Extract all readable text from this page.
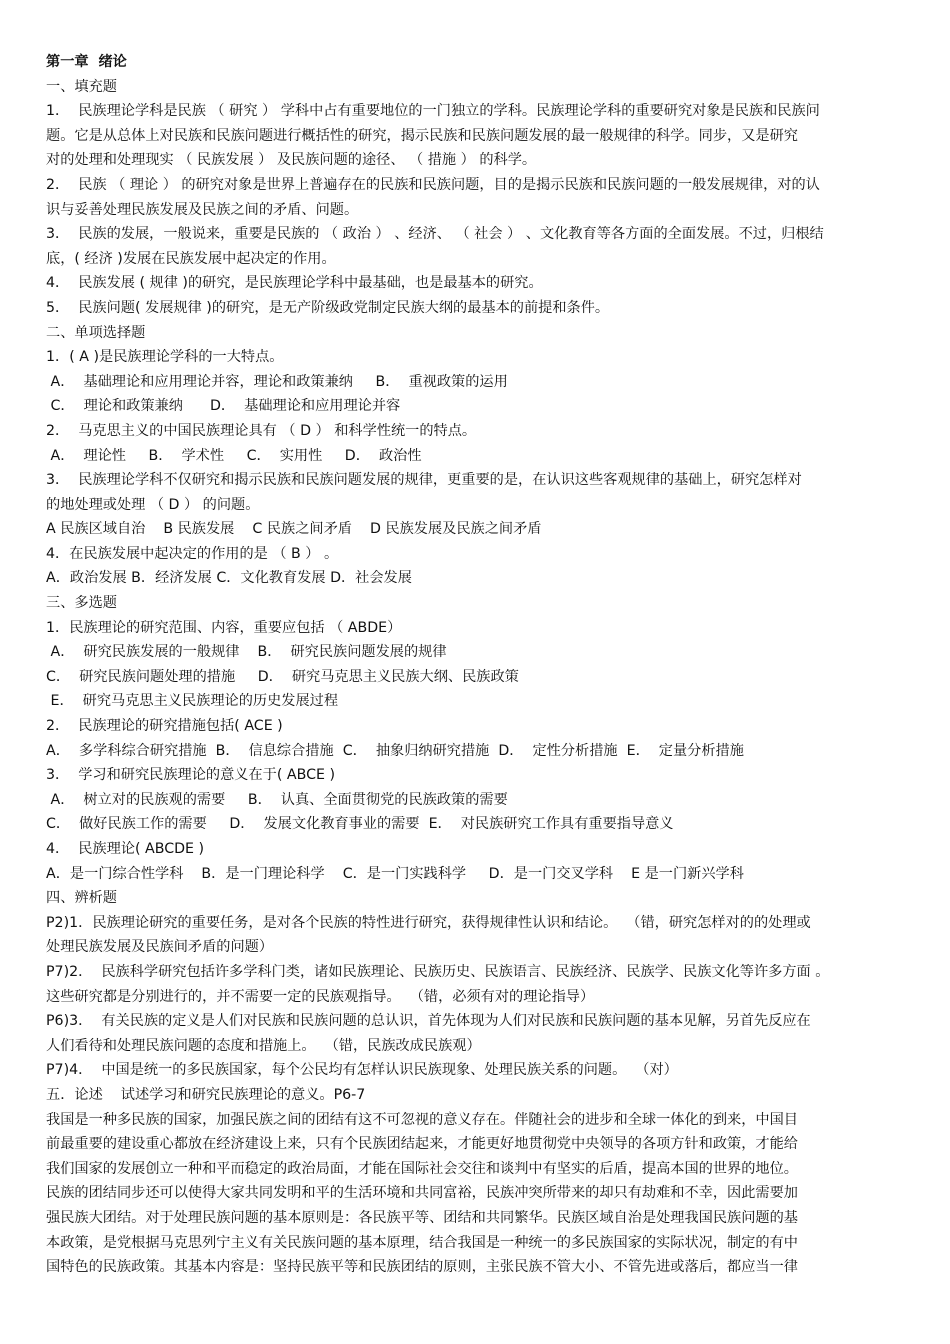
第一章  绪论
一、填充题
1．  民族理论学科是民族 （ 研究 ） 学科中占有重要地位的一门独立的学科。民族理论学科的重要研究对象是民族和民族问
题。它是从总体上对民族和民族问题进行概括性的研究，揭示民族和民族问题发展的最一般规律的科学。同步，又是研究
对的处理和处理现实 （ 民族发展 ） 及民族问题的途径、 （ 措施 ） 的科学。
2．  民族 （ 理论 ） 的研究对象是世界上普遍存在的民族和民族问题，目的是揭示民族和民族问题的一般发展规律，对的认
识与妥善处理民族发展及民族之间的矛盾、问题。
3．  民族的发展，一般说来，重要是民族的 （ 政治 ） 、经济、 （ 社会 ） 、文化教育等各方面的全面发展。不过，归根结
底，( 经济 )发展在民族发展中起决定的作用。
4．  民族发展 ( 规律 )的研究，是民族理论学科中最基础，也是最基本的研究。
5．  民族问题( 发展规律 )的研究，是无产阶级政党制定民族大纲的最基本的前提和条件。
二、单项选择题
1．( A )是民族理论学科的一大特点。
A．  基础理论和应用理论并容，理论和政策兼纳     B．  重视政策的运用
C．  理论和政策兼纳      D．  基础理论和应用理论并容
2．  马克思主义的中国民族理论具有 （ D ） 和科学性统一的特点。
A．  理论性     B．  学术性     C．  实用性     D．  政治性
3．  民族理论学科不仅研究和揭示民族和民族问题发展的规律，更重要的是，在认识这些客观规律的基础上，研究怎样对
的地处理或处理 （ D ） 的问题。
A 民族区域自治    B 民族发展    C 民族之间矛盾    D 民族发展及民族之间矛盾
4．在民族发展中起决定的作用的是 （ B ） 。
A．政治发展 B．经济发展 C．文化教育发展 D．社会发展
三、多选题
1．民族理论的研究范围、内容，重要应包括 （ ABDE）
A．  研究民族发展的一般规律    B．  研究民族问题发展的规律
C．  研究民族问题处理的措施     D．  研究马克思主义民族大纲、民族政策
E．  研究马克思主义民族理论的历史发展过程
2．  民族理论的研究措施包括( ACE )
A．  多学科综合研究措施  B．  信息综合措施  C．  抽象归纳研究措施  D．  定性分析措施  E．  定量分析措施
3．  学习和研究民族理论的意义在于( ABCE )
A．  树立对的民族观的需要     B．  认真、全面贯彻党的民族政策的需要
C．  做好民族工作的需要     D．  发展文化教育事业的需要  E．  对民族研究工作具有重要指导意义
4．  民族理论( ABCDE )
A．是一门综合性学科    B．是一门理论科学    C．是一门实践科学     D．是一门交叉学科    E 是一门新兴学科
四、辨析题
P2)1．民族理论研究的重要任务，是对各个民族的特性进行研究，获得规律性认识和结论。  （错，研究怎样对的的处理或
处理民族发展及民族间矛盾的问题）
P7)2．  民族科学研究包括许多学科门类，诸如民族理论、民族历史、民族语言、民族经济、民族学、民族文化等许多方面 。
这些研究都是分别进行的，并不需要一定的民族观指导。  （错，必须有对的理论指导）
P6)3．  有关民族的定义是人们对民族和民族问题的总认识，首先体现为人们对民族和民族问题的基本见解，另首先反应在
人们看待和处理民族问题的态度和措施上。  （错，民族改成民族观）
P7)4．  中国是统一的多民族国家，每个公民均有怎样认识民族现象、处理民族关系的问题。  （对）
五．论述    试述学习和研究民族理论的意义。P6-7
我国是一种多民族的国家，加强民族之间的团结有这不可忽视的意义存在。伴随社会的进步和全球一体化的到来，中国目
前最重要的建设重心都放在经济建设上来，只有个民族团结起来，才能更好地贯彻党中央领导的各项方针和政策，才能给
我们国家的发展创立一种和平而稳定的政治局面，才能在国际社会交往和谈判中有坚实的后盾，提高本国的世界的地位。
民族的团结同步还可以使得大家共同发明和平的生活环境和共同富裕，民族冲突所带来的却只有劫难和不幸，因此需要加
强民族大团结。对于处理民族问题的基本原则是：各民族平等、团结和共同繁华。民族区域自治是处理我国民族问题的基
本政策，是党根据马克思列宁主义有关民族问题的基本原理，结合我国是一种统一的多民族国家的实际状况，制定的有中
国特色的民族政策。其基本内容是：坚持民族平等和民族团结的原则，主张民族不管大小、不管先进或落后，都应当一律
